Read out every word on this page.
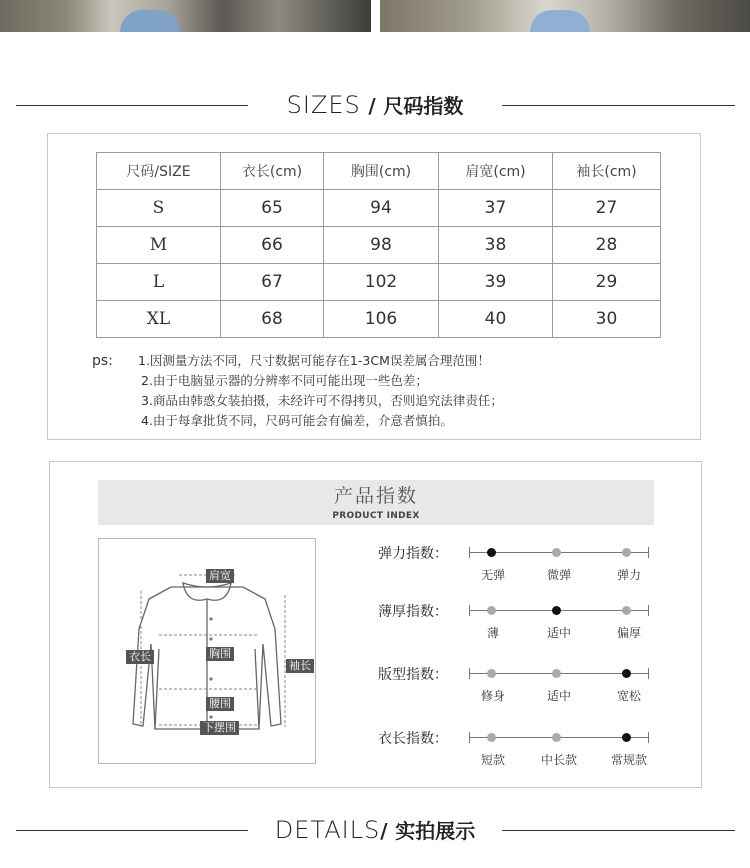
SIZES / 尺码指数
尺码/SIZE	衣长(cm)	胸围(cm)	肩宽(cm)	袖长(cm)
S	65	94	37	27
M	66	98	38	28
L	67	102	39	29
XL	68	106	40	30
ps: 1.因测量方法不同，尺寸数据可能存在1-3CM误差属合理范围！
2.由于电脑显示器的分辨率不同可能出现一些色差；
3.商品由韩惑女装拍摄，未经许可不得拷贝，否则追究法律责任；
4.由于每拿批货不同，尺码可能会有偏差，介意者慎拍。
产品指数
PRODUCT INDEX
肩宽
衣长	胸围
袖长
腰围
下摆围
弹力指数：
无弹	微弹	弹力
薄厚指数：
薄	适中	偏厚
版型指数：
修身	适中	宽松
衣长指数：
短款	中长款	常规款
DETAILS/ 实拍展示
